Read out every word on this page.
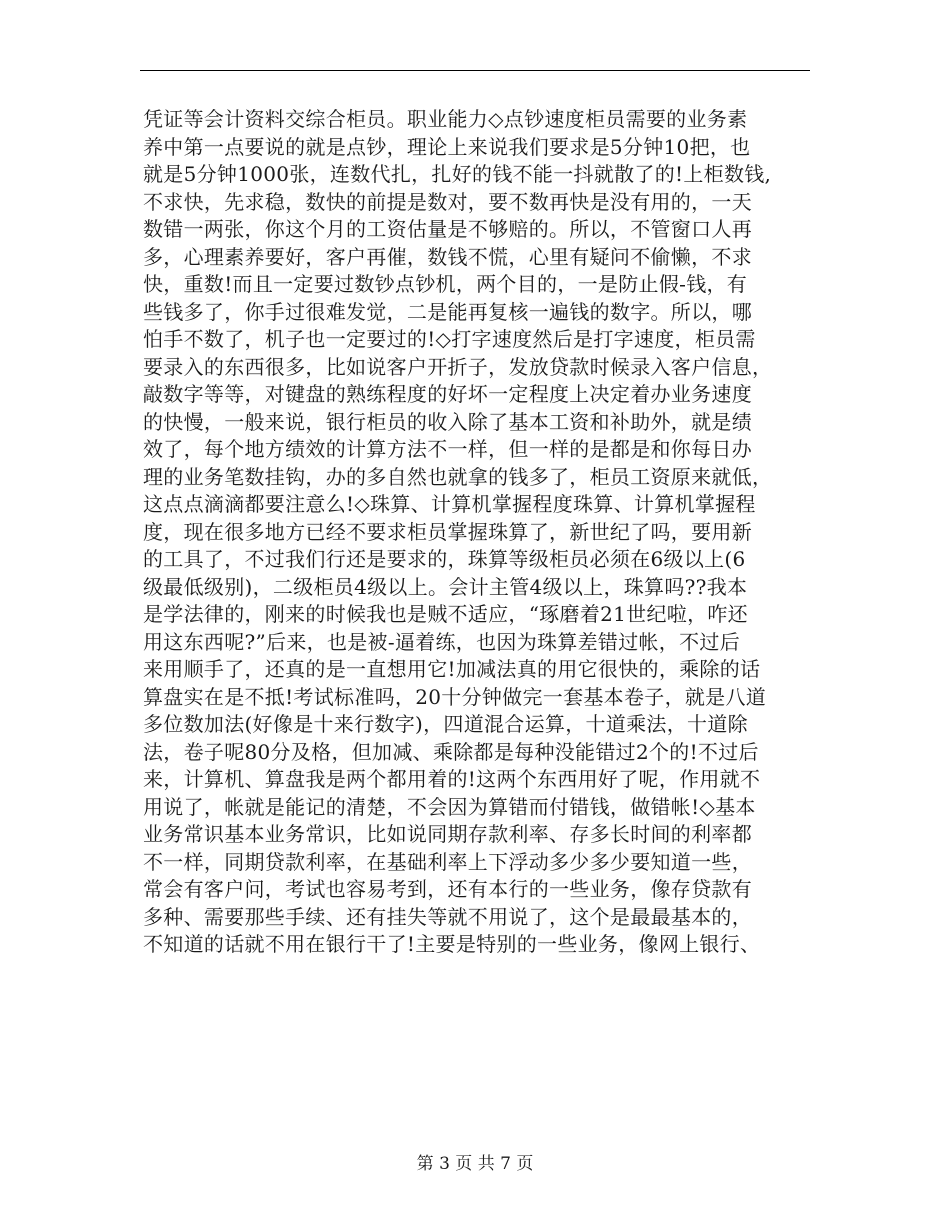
凭证等会计资料交综合柜员。职业能力◇点钞速度柜员需要的业务素
养中第一点要说的就是点钞，理论上来说我们要求是5分钟10把，也
就是5分钟1000张，连数代扎，扎好的钱不能一抖就散了的!上柜数钱,
不求快，先求稳，数快的前提是数对，要不数再快是没有用的，一天
数错一两张，你这个月的工资估量是不够赔的。所以，不管窗口人再
多，心理素养要好，客户再催，数钱不慌，心里有疑问不偷懒，不求
快，重数!而且一定要过数钞点钞机，两个目的，一是防止假-钱，有
些钱多了，你手过很难发觉，二是能再复核一遍钱的数字。所以，哪
怕手不数了，机子也一定要过的!◇打字速度然后是打字速度，柜员需
要录入的东西很多，比如说客户开折子，发放贷款时候录入客户信息，
敲数字等等，对键盘的熟练程度的好坏一定程度上决定着办业务速度
的快慢，一般来说，银行柜员的收入除了基本工资和补助外，就是绩
效了，每个地方绩效的计算方法不一样，但一样的是都是和你每日办
理的业务笔数挂钩，办的多自然也就拿的钱多了，柜员工资原来就低，
这点点滴滴都要注意么!◇珠算、计算机掌握程度珠算、计算机掌握程
度，现在很多地方已经不要求柜员掌握珠算了，新世纪了吗，要用新
的工具了，不过我们行还是要求的，珠算等级柜员必须在6级以上(6
级最低级别)，二级柜员4级以上。会计主管4级以上，珠算吗??我本
是学法律的，刚来的时候我也是贼不适应，“琢磨着21世纪啦，咋还
用这东西呢?”后来，也是被-逼着练，也因为珠算差错过帐，不过后
来用顺手了，还真的是一直想用它!加减法真的用它很快的，乘除的话
算盘实在是不抵!考试标准吗，20十分钟做完一套基本卷子，就是八道
多位数加法(好像是十来行数字)，四道混合运算，十道乘法，十道除
法，卷子呢80分及格，但加减、乘除都是每种没能错过2个的!不过后
来，计算机、算盘我是两个都用着的!这两个东西用好了呢，作用就不
用说了，帐就是能记的清楚，不会因为算错而付错钱，做错帐!◇基本
业务常识基本业务常识，比如说同期存款利率、存多长时间的利率都
不一样，同期贷款利率，在基础利率上下浮动多少多少要知道一些，
常会有客户问，考试也容易考到，还有本行的一些业务，像存贷款有
多种、需要那些手续、还有挂失等就不用说了，这个是最最基本的，
不知道的话就不用在银行干了!主要是特别的一些业务，像网上银行、
第 3 页 共 7 页
